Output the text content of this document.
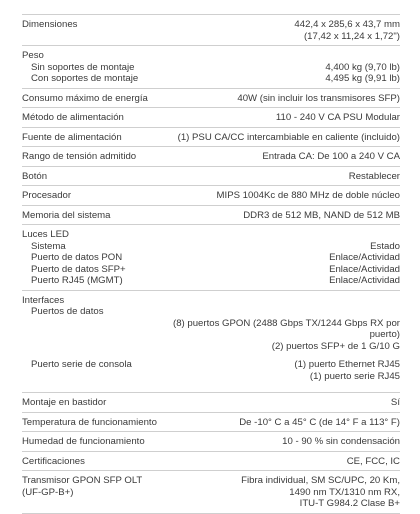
Dimensiones	442,4 x 285,6 x 43,7 mm
(17,42 x 11,24 x 1,72")
Peso
Sin soportes de montaje	4,400 kg (9,70 lb)
Con soportes de montaje	4,495 kg (9,91 lb)
Consumo máximo de energía	40W (sin incluir los transmisores SFP)
Método de alimentación	110 - 240 V CA PSU Modular
Fuente de alimentación	(1) PSU CA/CC intercambiable en caliente (incluido)
Rango de tensión admitido	Entrada CA: De 100 a 240 V CA
Botón	Restablecer
Procesador	MIPS 1004Kc de 880 MHz de doble núcleo
Memoria del sistema	DDR3 de 512 MB, NAND de 512 MB
Luces LED
Sistema	Estado
Puerto de datos PON	Enlace/Actividad
Puerto de datos SFP+	Enlace/Actividad
Puerto RJ45 (MGMT)	Enlace/Actividad
Interfaces
Puertos de datos
(8) puertos GPON (2488 Gbps TX/1244 Gbps RX por
puerto)
(2) puertos SFP+ de 1 G/10 G
Puerto serie de consola	(1) puerto Ethernet RJ45
(1) puerto serie RJ45
Montaje en bastidor	Sí
Temperatura de funcionamiento	De -10° C a 45° C (de 14° F a 113° F)
Humedad de funcionamiento	10 - 90 % sin condensación
Certificaciones	CE, FCC, IC
Transmisor GPON SFP OLT	Fibra individual, SM SC/UPC, 20 Km,
(UF-GP-B+)	1490 nm TX/1310 nm RX,
ITU-T G984.2 Clase B+
